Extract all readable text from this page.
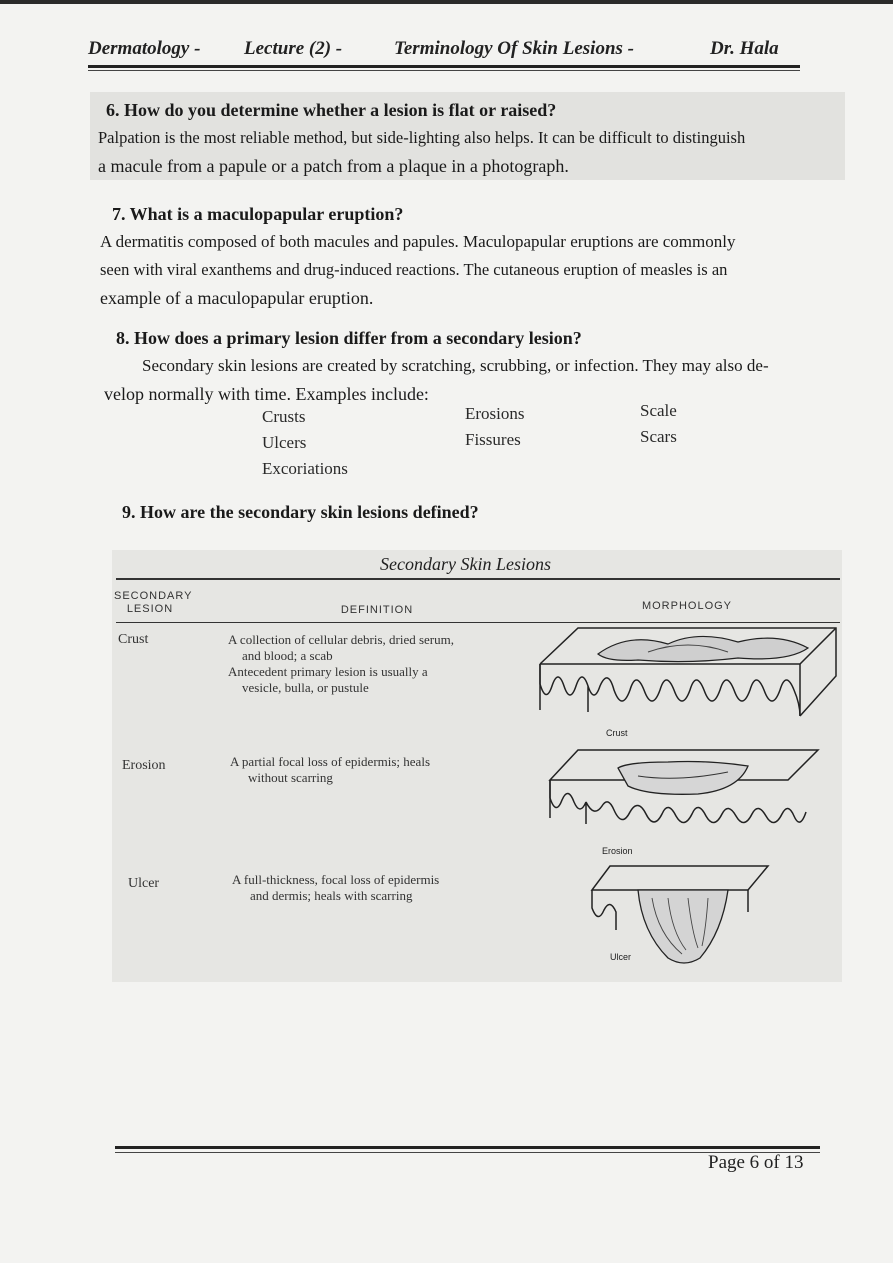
Dermatology - Lecture (2) -	Terminology Of Skin Lesions -	Dr. Hala

6. How do you determine whether a lesion is flat or raised?

Palpation is the most reliable method, but side-lighting also helps. It can be difficult to distinguish

a macule from a papule or a patch from a plaque in a photograph.

7. What is a maculopapular eruption?

A dermatitis composed of both macules and papules. Maculopapular eruptions are commonly

seen with viral exanthems and drug-induced reactions. The cutaneous eruption of measles is an

example of a maculopapular eruption.

8. How does a primary lesion differ from a secondary lesion?

Secondary skin lesions are created by scratching, scrubbing, or infection. They may also de-

velop normally with time. Examples include:

Crusts
Ulcers
Excoriations
Erosions
Fissures
Scale
Scars

9. How are the secondary skin lesions defined?

Secondary Skin Lesions
SECONDARY
LESION	DEFINITION	MORPHOLOGY
Crust	A collection of cellular debris, dried serum,

and blood; a scab

Antecedent primary lesion is usually a

vesicle, bulla, or pustule

Crust
Erosion	A partial focal loss of epidermis; heals

without scarring

Erosion
Ulcer	A full-thickness, focal loss of epidermis

and dermis; heals with scarring

Ulcer
Page 6 of 13
